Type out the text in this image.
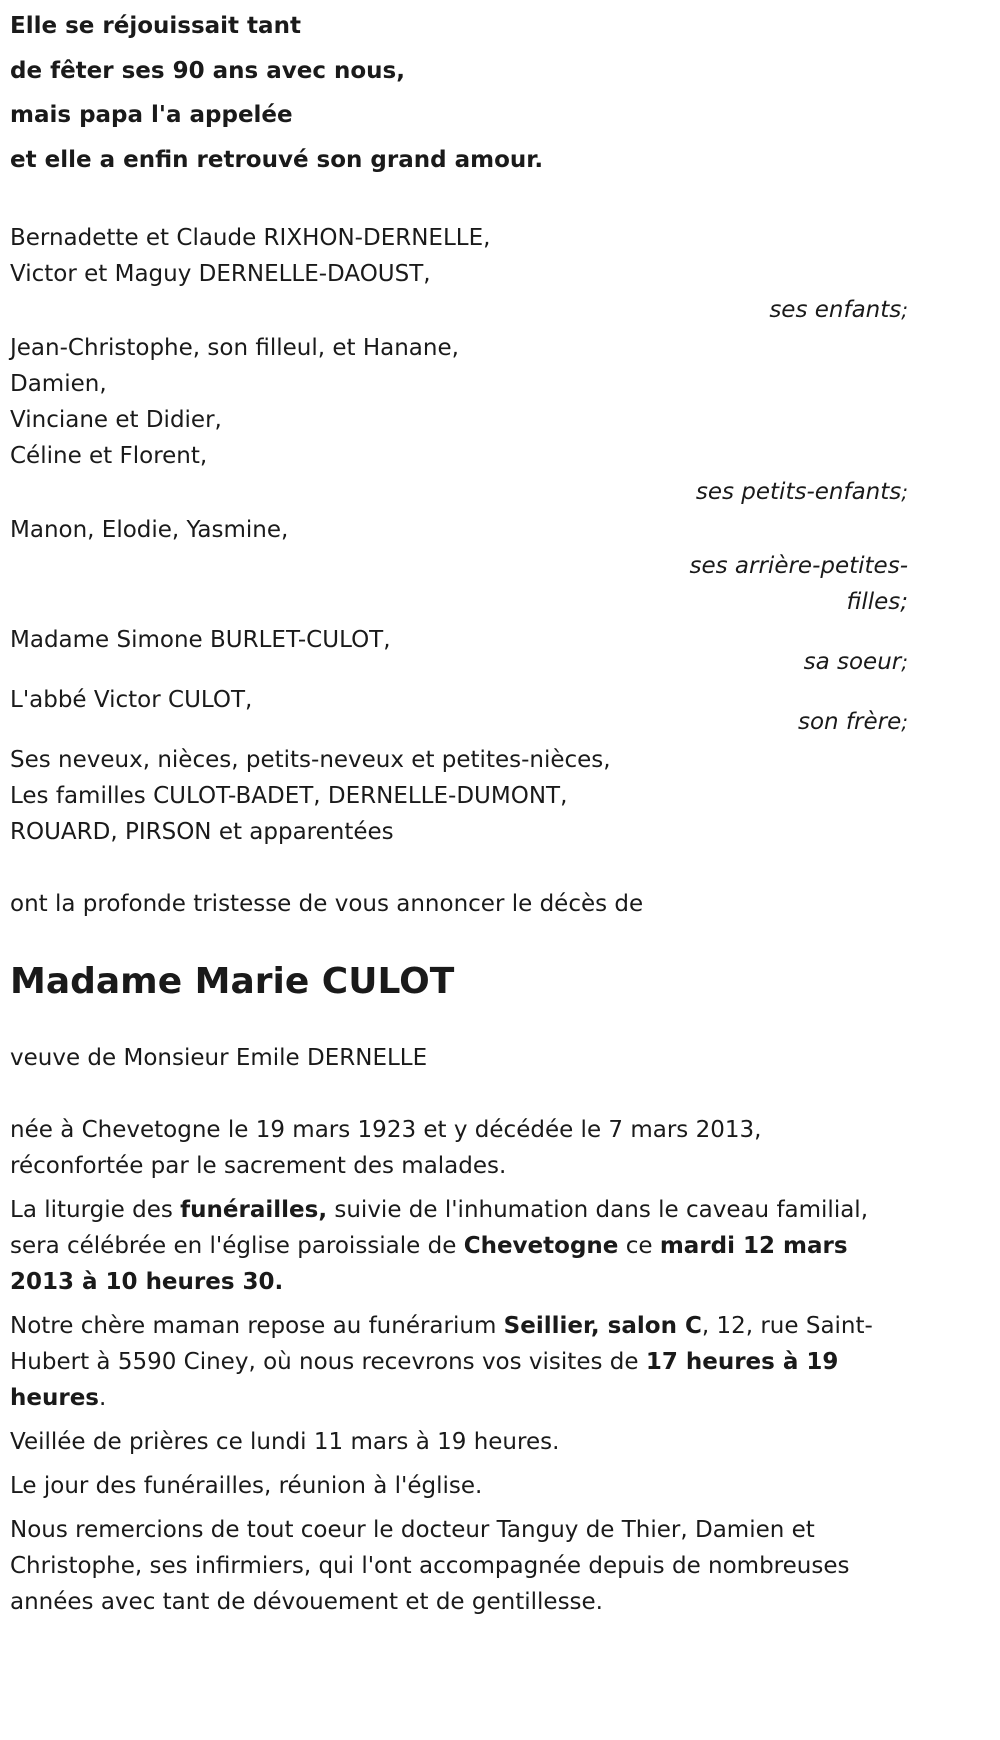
Elle se réjouissait tant
de fêter ses 90 ans avec nous,
mais papa l'a appelée
et elle a enfin retrouvé son grand amour.
Bernadette et Claude RIXHON-DERNELLE,
Victor et Maguy DERNELLE-DAOUST,
ses enfants;
Jean-Christophe, son filleul, et Hanane,
Damien,
Vinciane et Didier,
Céline et Florent,
ses petits-enfants;
Manon, Elodie, Yasmine,
ses arrière-petites-
filles;
Madame Simone BURLET-CULOT,
sa soeur;
L'abbé Victor CULOT,
son frère;
Ses neveux, nièces, petits-neveux et petites-nièces,
Les familles CULOT-BADET, DERNELLE-DUMONT,
ROUARD, PIRSON et apparentées
ont la profonde tristesse de vous annoncer le décès de
Madame Marie CULOT
veuve de Monsieur Emile DERNELLE
née à Chevetogne le 19 mars 1923 et y décédée le 7 mars 2013,
réconfortée par le sacrement des malades.
La liturgie des funérailles, suivie de l'inhumation dans le caveau familial, sera célébrée en l'église paroissiale de Chevetogne ce mardi 12 mars 2013 à 10 heures 30.
Notre chère maman repose au funérarium Seillier, salon C, 12, rue Saint-Hubert à 5590 Ciney, où nous recevrons vos visites de 17 heures à 19 heures.
Veillée de prières ce lundi 11 mars à 19 heures.
Le jour des funérailles, réunion à l'église.
Nous remercions de tout coeur le docteur Tanguy de Thier, Damien et Christophe, ses infirmiers, qui l'ont accompagnée depuis de nombreuses années avec tant de dévouement et de gentillesse.
